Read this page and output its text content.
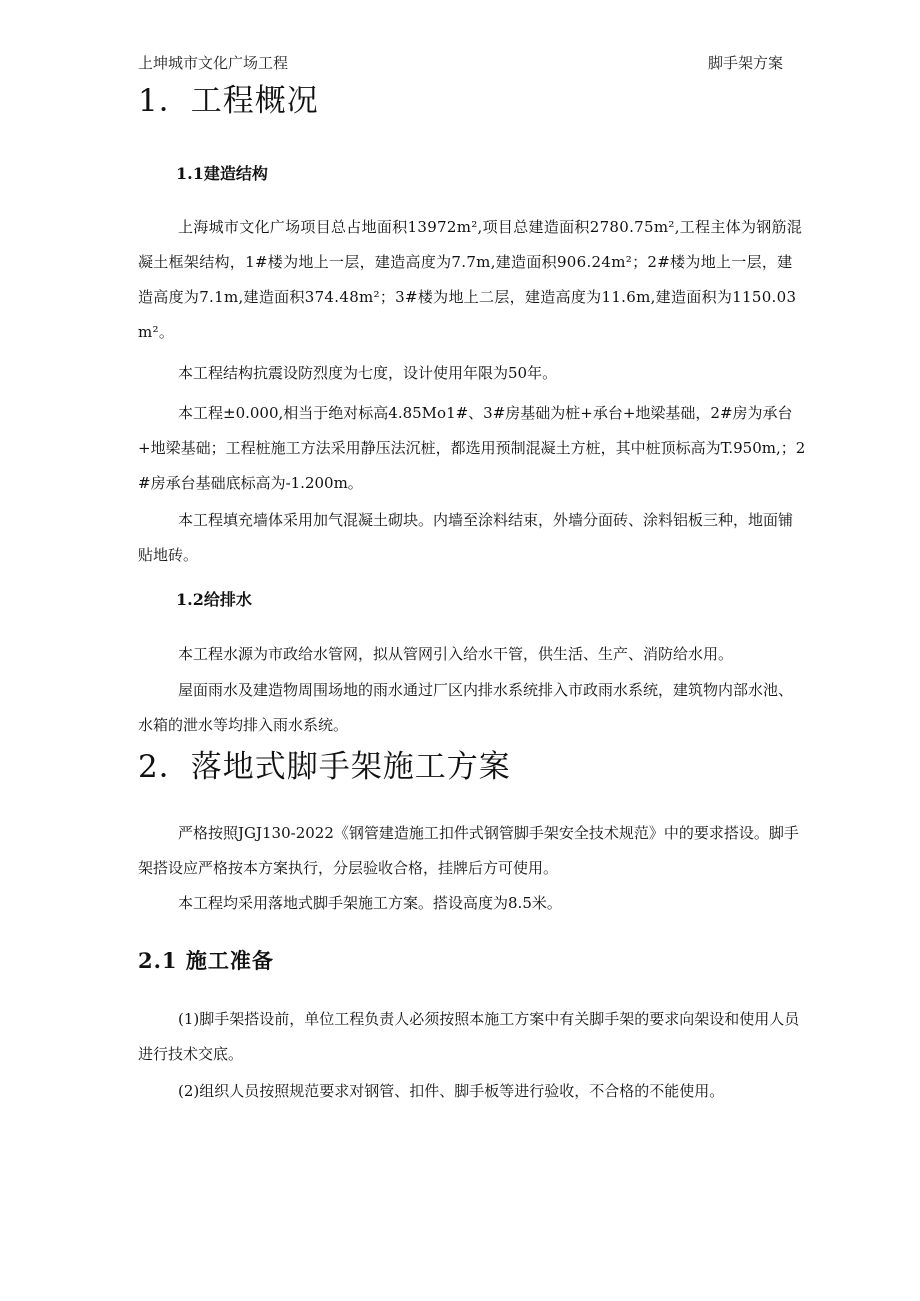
上坤城市文化广场工程	脚手架方案
1．工程概况
1.1建造结构

上海城市文化广场项目总占地面积13972m²,项目总建造面积2780.75m²,工程主体为钢筋混凝土框架结构，1#楼为地上一层，建造高度为7.7m,建造面积906.24m²；2#楼为地上一层，建造高度为7.1m,建造面积374.48m²；3#楼为地上二层，建造高度为11.6m,建造面积为1150.03m²。

本工程结构抗震设防烈度为七度，设计使用年限为50年。

本工程±0.000,相当于绝对标高4.85Mo1#、3#房基础为桩+承台+地梁基础，2#房为承台+地梁基础；工程桩施工方法采用静压法沉桩，都选用预制混凝土方桩，其中桩顶标高为T.950m,；2#房承台基础底标高为-1.200m。

本工程填充墙体采用加气混凝土砌块。内墙至涂料结束，外墙分面砖、涂料铝板三种，地面铺贴地砖。

1.2给排水

本工程水源为市政给水管网，拟从管网引入给水干管，供生活、生产、消防给水用。

屋面雨水及建造物周围场地的雨水通过厂区内排水系统排入市政雨水系统，建筑物内部水池、水箱的泄水等均排入雨水系统。

2．落地式脚手架施工方案

严格按照JGJ130-2022《钢管建造施工扣件式钢管脚手架安全技术规范》中的要求搭设。脚手架搭设应严格按本方案执行，分层验收合格，挂牌后方可使用。

本工程均采用落地式脚手架施工方案。搭设高度为8.5米。

2.1 施工准备

(1)脚手架搭设前，单位工程负责人必须按照本施工方案中有关脚手架的要求向架设和使用人员进行技术交底。

(2)组织人员按照规范要求对钢管、扣件、脚手板等进行验收，不合格的不能使用。
